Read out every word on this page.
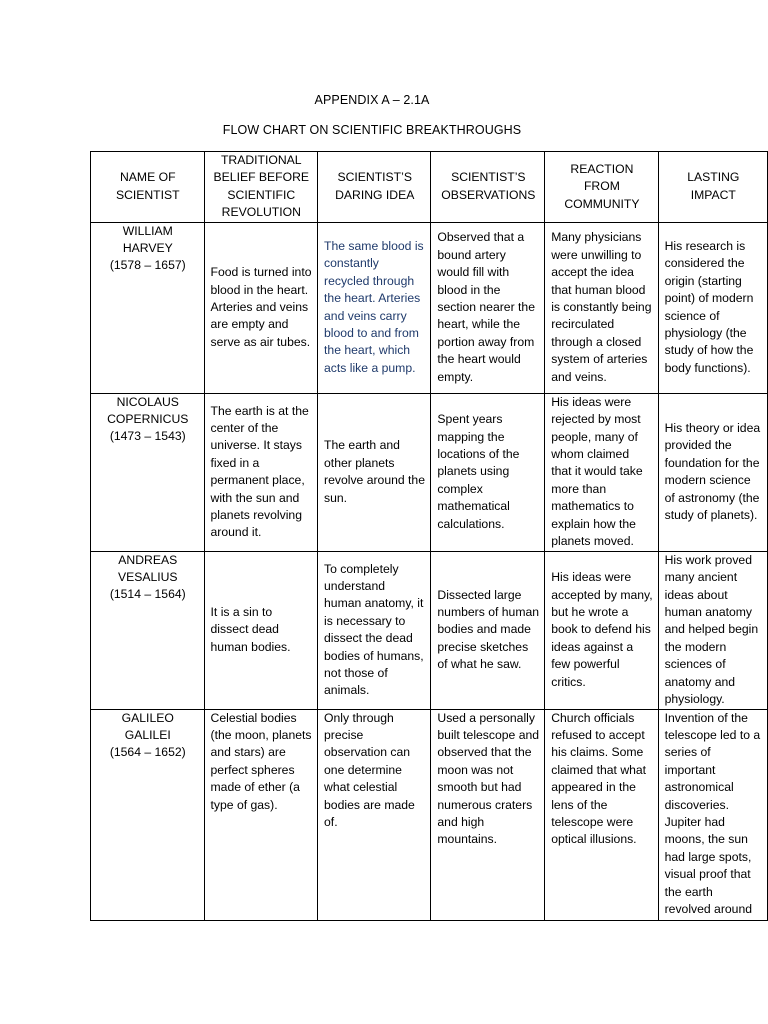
APPENDIX A – 2.1A
FLOW CHART ON SCIENTIFIC BREAKTHROUGHS
NAME OF SCIENTIST	TRADITIONAL BELIEF BEFORE SCIENTIFIC REVOLUTION	SCIENTIST’S DARING IDEA	SCIENTIST’S OBSERVATIONS	REACTION FROM COMMUNITY	LASTING IMPACT

WILLIAM HARVEY
(1578 – 1657)	Food is turned into blood in the heart. Arteries and veins are empty and serve as air tubes.	The same blood is constantly recycled through the heart. Arteries and veins carry blood to and from the heart, which acts like a pump.	Observed that a bound artery would fill with blood in the section nearer the heart, while the portion away from the heart would empty.	Many physicians were unwilling to accept the idea that human blood is constantly being recirculated through a closed system of arteries and veins.	His research is considered the origin (starting point) of modern science of physiology (the study of how the body functions).

NICOLAUS COPERNICUS
(1473 – 1543)	The earth is at the center of the universe. It stays fixed in a permanent place, with the sun and planets revolving around it.	The earth and other planets revolve around the sun.	Spent years mapping the locations of the planets using complex mathematical calculations.	His ideas were rejected by most people, many of whom claimed that it would take more than mathematics to explain how the planets moved.	His theory or idea provided the foundation for the modern science of astronomy (the study of planets).

ANDREAS VESALIUS
(1514 – 1564)	It is a sin to dissect dead human bodies.	To completely understand human anatomy, it is necessary to dissect the dead bodies of humans, not those of animals.	Dissected large numbers of human bodies and made precise sketches of what he saw.	His ideas were accepted by many, but he wrote a book to defend his ideas against a few powerful critics.	His work proved many ancient ideas about human anatomy and helped begin the modern sciences of anatomy and physiology.

GALILEO GALILEI
(1564 – 1652)	Celestial bodies (the moon, planets and stars) are perfect spheres made of ether (a type of gas).	Only through precise observation can one determine what celestial bodies are made of.	Used a personally built telescope and observed that the moon was not smooth but had numerous craters and high mountains.	Church officials refused to accept his claims. Some claimed that what appeared in the lens of the telescope were optical illusions.	Invention of the telescope led to a series of important astronomical discoveries. Jupiter had moons, the sun had large spots, visual proof that the earth revolved around
